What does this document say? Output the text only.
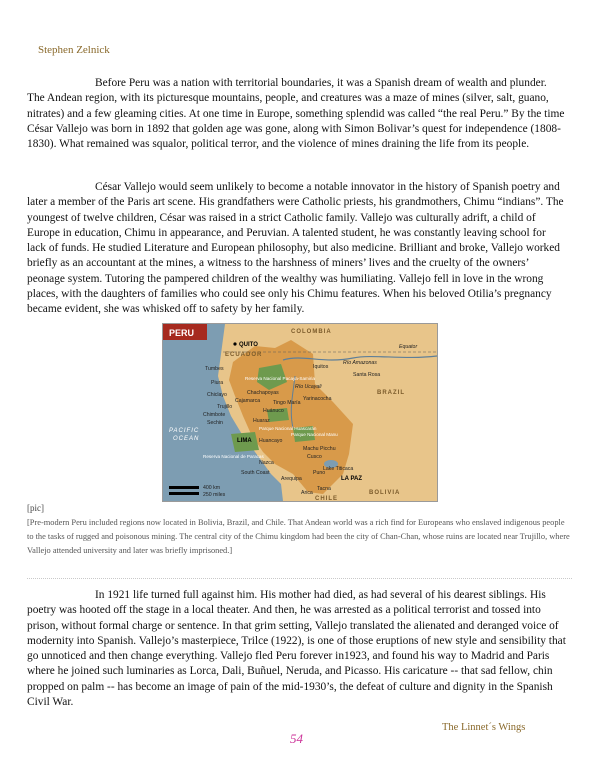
Stephen Zelnick

Before Peru was a nation with territorial boundaries, it was a Spanish dream of wealth and plunder. The Andean region, with its picturesque mountains, people, and creatures was a maze of mines (silver, salt, guano, nitrates) and a few gleaming cities. At one time in Europe, something splendid was called “the real Peru.” By the time César Vallejo was born in 1892 that golden age was gone, along with Simon Bolivar’s quest for independence (1808-1830). What remained was squalor, political terror, and the violence of mines draining the life from its people.

César Vallejo would seem unlikely to become a notable innovator in the history of Spanish poetry and later a member of the Paris art scene. His grandfathers were Catholic priests, his grandmothers, Chimu “indians”. The youngest of twelve children, César was raised in a strict Catholic family. Vallejo was culturally adrift, a child of Europe in education, Chimu in appearance, and Peruvian. A talented student, he was constantly leaving school for lack of funds. He studied Literature and European philosophy, but also medicine. Brilliant and broke, Vallejo worked briefly as an accountant at the mines, a witness to the harshness of miners’ lives and the cruelty of the owners’ peonage system. Tutoring the pampered children of the wealthy was humiliating. Vallejo fell in love in the wrong places, with the daughters of families who could see only his Chimu features. When his beloved Otilia’s pregnancy became evident, she was whisked off to safety by her family.

PERU	COLOMBIA
ECUADOR
BRAZIL
BOLIVIA
CHILE
PACIFIC
OCEAN
Equator
QUITO
Tumbes
Piura
Chiclayo
Trujillo
Chimbote
Sechin	Huaraz
Iquitos
Santa Rosa
Yarinacocha
Huánuco
Huancayo
LIMA
Machu Picchu
Cusco
Arequipa
Puno
LA PAZ
Tacna
Arica
Cajamarca Tingo María
Nazca
Chachapoyas
Reserva Nacional Pacaya-Samiria
Reserva Nacional de Paracas
Parque Nacional Huascarán
Parque Nacional Manu
Río Amazonas
Río Ucayali
Lake Titicaca
South Coast
400 km
250 miles
[pic]

[Pre-modern Peru included regions now located in Bolivia, Brazil, and Chile. That Andean world was a rich find for Europeans who enslaved indigenous people to the tasks of rugged and poisonous mining. The central city of the Chimu kingdom had been the city of Chan-Chan, whose ruins are located near Trujillo, where Vallejo attended university and later was briefly imprisoned.]

In 1921 life turned full against him. His mother had died, as had several of his dearest siblings. His poetry was hooted off the stage in a local theater. And then, he was arrested as a political terrorist and tossed into prison, without formal charge or sentence. In that grim setting, Vallejo translated the alienated and deranged voice of modernity into Spanish. Vallejo’s masterpiece, Trilce (1922), is one of those eruptions of new style and sensibility that go unnoticed and then change everything. Vallejo fled Peru forever in1923, and found his way to Madrid and Paris where he joined such luminaries as Lorca, Dali, Buñuel, Neruda, and Picasso. His caricature -- that sad fellow, chin propped on palm -- has become an image of pain of the mid-1930’s, the defeat of culture and dignity in the Spanish Civil War.

The Linnet´s Wings
54
